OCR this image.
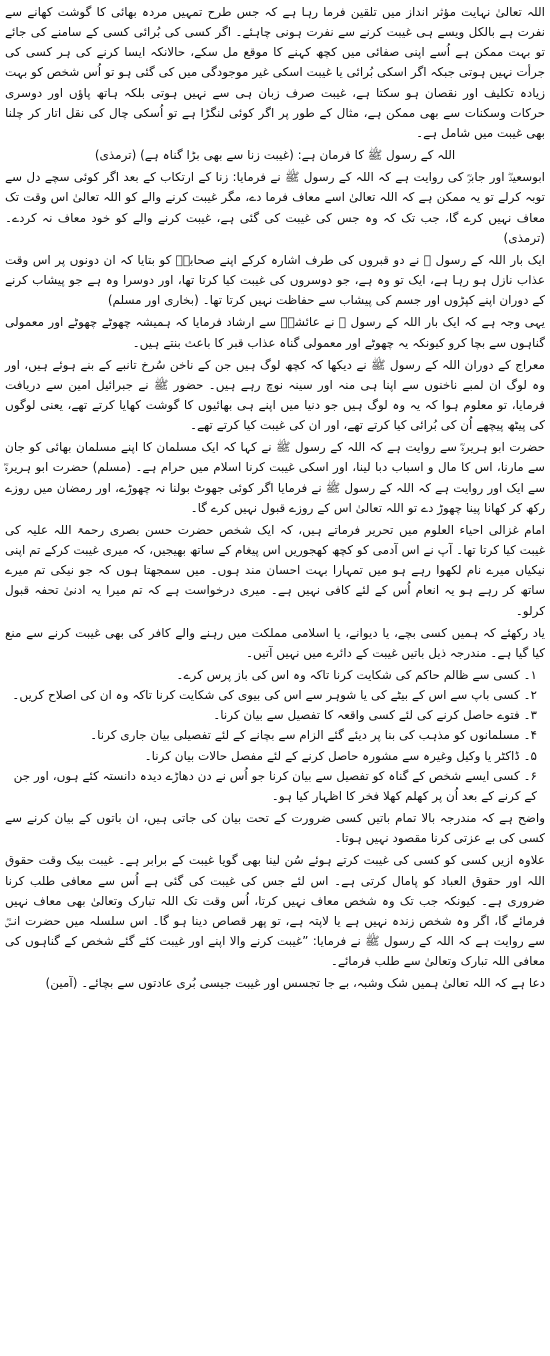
اللہ تعالیٰ نہایت مؤثر انداز میں تلقین فرما رہا ہے کہ جس طرح تمہیں مردہ بھائی کا گوشت کھانے سے نفرت ہے بالکل ویسے ہی غیبت کرنے سے نفرت ہونی چاہئے۔ اگر کسی کی بُرائی کسی کے سامنے کی جائے تو بہت ممکن ہے اُسے اپنی صفائی میں کچھ کہنے کا موقع مل سکے، حالانکہ ایسا کرنے کی ہر کسی کی جرأت نہیں ہوتی جبکہ اگر اسکی بُرائی یا غیبت اسکی غیر موجودگی میں کی گئی ہو تو اُس شخص کو بہت زیادہ تکلیف اور نقصان ہو سکتا ہے، غیبت صرف زبان ہی سے نہیں ہوتی بلکہ ہاتھ پاؤں اور دوسری حرکات وسکنات سے بھی ممکن ہے، مثال کے طور پر اگر کوئی لنگڑا ہے تو اُسکی چال کی نقل اتار کر چلنا بھی غیبت میں شامل ہے۔

اللہ کے رسول ﷺ کا فرمان ہے: (غیبت زنا سے بھی بڑا گناہ ہے) (ترمذی)

ابوسعیدؓ اور جابرؓ کی روایت ہے کہ اللہ کے رسول ﷺ نے فرمایا: زنا کے ارتکاب کے بعد اگر کوئی سچے دل سے توبہ کرلے تو یہ ممکن ہے کہ اللہ تعالیٰ اسے معاف فرما دے، مگر غیبت کرنے والے کو اللہ تعالیٰ اس وقت تک معاف نہیں کرے گا، جب تک کہ وہ جس کی غیبت کی گئی ہے، غیبت کرنے والے کو خود معاف نہ کردے۔ (ترمذی)

ایک بار اللہ کے رسول ﷺ نے دو قبروں کی طرف اشارہ کرکے اپنے صحابہؓ کو بتایا کہ ان دونوں پر اس وقت عذاب نازل ہو رہا ہے، ایک تو وہ ہے، جو دوسروں کی غیبت کیا کرتا تھا، اور دوسرا وہ ہے جو پیشاب کرنے کے دوران اپنے کپڑوں اور جسم کی پیشاب سے حفاظت نہیں کرتا تھا۔ (بخاری اور مسلم)

یہی وجہ ہے کہ ایک بار اللہ کے رسول ﷺ نے عائشہؓ سے ارشاد فرمایا کہ ہمیشہ چھوٹے چھوٹے اور معمولی گناہوں سے بچا کرو کیونکہ یہ چھوٹے اور معمولی گناہ عذاب قبر کا باعث بنتے ہیں۔

معراج کے دوران اللہ کے رسول ﷺ نے دیکھا کہ کچھ لوگ ہیں جن کے ناخن سُرخ تانبے کے بنے ہوئے ہیں، اور وہ لوگ ان لمبے ناخنوں سے اپنا ہی منہ اور سینہ نوچ رہے ہیں۔ حضور ﷺ نے جبرائیل امین سے دریافت فرمایا، تو معلوم ہوا کہ یہ وہ لوگ ہیں جو دنیا میں اپنے ہی بھائیوں کا گوشت کھایا کرتے تھے، یعنی لوگوں کی پیٹھ پیچھے اُن کی بُرائی کیا کرتے تھے، اور ان کی غیبت کیا کرتے تھے۔

حضرت ابو ہریرہؓ سے روایت ہے کہ اللہ کے رسول ﷺ نے کہا کہ ایک مسلمان کا اپنے مسلمان بھائی کو جان سے مارنا، اس کا مال و اسباب دبا لینا، اور اسکی غیبت کرنا اسلام میں حرام ہے۔ (مسلم) حضرت ابو ہریرہؓ سے ایک اور روایت ہے کہ اللہ کے رسول ﷺ نے فرمایا اگر کوئی جھوٹ بولنا نہ چھوڑے، اور رمضان میں روزے رکھ کر کھانا پینا چھوڑ دے تو اللہ تعالیٰ اس کے روزے قبول نہیں کرے گا۔

امام غزالی احیاء العلوم میں تحریر فرماتے ہیں، کہ ایک شخص حضرت حسن بصری رحمۃ اللہ علیہ کی غیبت کیا کرتا تھا۔ آپ نے اس آدمی کو کچھ کھجوریں اس پیغام کے ساتھ بھیجیں، کہ میری غیبت کرکے تم اپنی نیکیاں میرے نام لکھوا رہے ہو میں تمہارا بہت احسان مند ہوں۔ میں سمجھتا ہوں کہ جو نیکی تم میرے ساتھ کر رہے ہو یہ انعام اُس کے لئے کافی نہیں ہے۔ میری درخواست ہے کہ تم میرا یہ ادنیٰ تحفہ قبول کرلو۔

یاد رکھئے کہ ہمیں کسی بچے، یا دیوانے، یا اسلامی مملکت میں رہنے والے کافر کی بھی غیبت کرنے سے منع کیا گیا ہے۔ مندرجہ ذیل باتیں غیبت کے دائرے میں نہیں آتیں۔

۱۔ کسی سے ظالم حاکم کی شکایت کرنا تاکہ وہ اس کی باز پرس کرے۔
۲۔ کسی باپ سے اس کے بیٹے کی یا شوہر سے اس کی بیوی کی شکایت کرنا تاکہ وہ ان کی اصلاح کریں۔
۳۔ فتوے حاصل کرنے کی لئے کسی واقعہ کا تفصیل سے بیان کرنا۔
۴۔ مسلمانوں کو مذہب کی بنا پر دیئے گئے الزام سے بچانے کے لئے تفصیلی بیان جاری کرنا۔
۵۔ ڈاکٹر یا وکیل وغیرہ سے مشورہ حاصل کرنے کے لئے مفصل حالات بیان کرنا۔
۶۔ کسی ایسے شخص کے گناہ کو تفصیل سے بیان کرنا جو اُس نے دن دھاڑے دیدہ دانستہ کئے ہوں، اور جن کے کرنے کے بعد اُن پر کھلم کھلا فخر کا اظہار کیا ہو۔

واضح ہے کہ مندرجہ بالا تمام باتیں کسی ضرورت کے تحت بیان کی جاتی ہیں، ان باتوں کے بیان کرنے سے کسی کی بے عزتی کرنا مقصود نہیں ہوتا۔

علاوہ ازیں کسی کو کسی کی غیبت کرتے ہوئے سُن لینا بھی گویا غیبت کے برابر ہے۔ غیبت بیک وقت حقوق اللہ اور حقوق العباد کو پامال کرتی ہے۔ اس لئے جس کی غیبت کی گئی ہے اُس سے معافی طلب کرنا ضروری ہے۔ کیونکہ جب تک وہ شخص معاف نہیں کرتا، اُس وقت تک اللہ تبارک وتعالیٰ بھی معاف نہیں فرمائے گا، اگر وہ شخص زندہ نہیں ہے یا لاپتہ ہے، تو پھر قصاص دینا ہو گا۔ اس سلسلہ میں حضرت انسؓ سے روایت ہے کہ اللہ کے رسول ﷺ نے فرمایا: ”غیبت کرنے والا اپنے اور غیبت کئے گئے شخص کے گناہوں کی معافی اللہ تبارک وتعالیٰ سے طلب فرمائے۔

دعا ہے کہ اللہ تعالیٰ ہمیں شک وشبہ، بے جا تجسس اور غیبت جیسی بُری عادتوں سے بچائے۔ (آمین)
